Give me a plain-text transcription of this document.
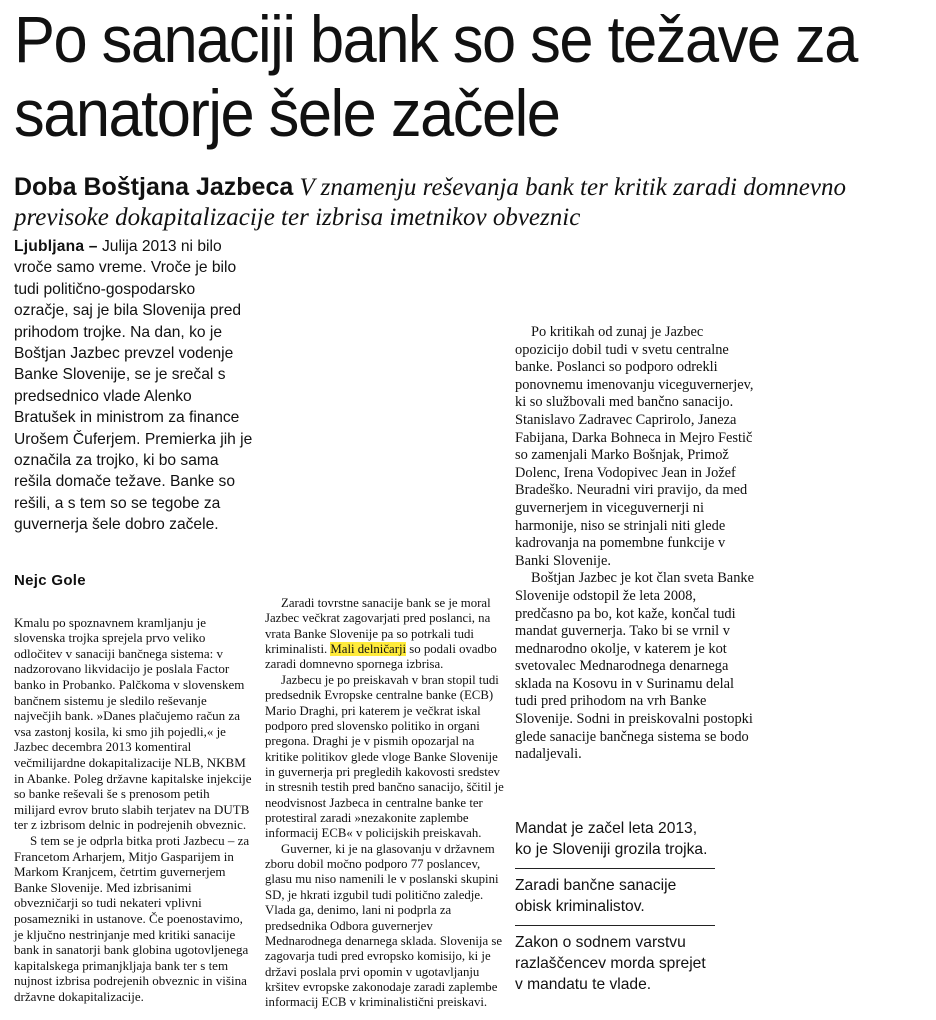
Po sanaciji bank so se težave za sanatorje šele začele
Doba Boštjana Jazbeca V znamenju reševanja bank ter kritik zaradi domnevno previsoke dokapitalizacije ter izbrisa imetnikov obveznic

Ljubljana – Julija 2013 ni bilo vroče samo vreme. Vroče je bilo tudi politično-gospodarsko ozračje, saj je bila Slovenija pred prihodom trojke. Na dan, ko je Boštjan Jazbec prevzel vodenje Banke Slovenije, se je srečal s predsednico vlade Alenko Bratušek in ministrom za finance Urošem Čuferjem. Premierka jih je označila za trojko, ki bo sama rešila domače težave. Banke so rešili, a s tem so se tegobe za guvernerja šele dobro začele.

Nejc Gole

Kmalu po spoznavnem kramljanju je slovenska trojka sprejela prvo veliko odločitev v sanaciji bančnega sistema: v nadzorovano likvidacijo je poslala Factor banko in Probanko. Palčkoma v slovenskem bančnem sistemu je sledilo reševanje največjih bank. »Danes plačujemo račun za vsa zastonj kosila, ki smo jih pojedli,« je Jazbec decembra 2013 komentiral večmilijardne dokapitalizacije NLB, NKBM in Abanke. Poleg državne kapitalske injekcije so banke reševali še s prenosom petih milijard evrov bruto slabih terjatev na DUTB ter z izbrisom delnic in podrejenih obveznic.

S tem se je odprla bitka proti Jazbecu – za Francetom Arharjem, Mitjo Gasparijem in Markom Kranjcem, četrtim guvernerjem Banke Slovenije. Med izbrisanimi obvezničarji so tudi nekateri vplivni posamezniki in ustanove. Če poenostavimo, je ključno nestrinjanje med kritiki sanacije bank in sanatorji bank globina ugotovljenega kapitalskega primanjkljaja bank ter s tem nujnost izbrisa podrejenih obveznic in višina državne dokapitalizacije.

Zaradi tovrstne sanacije bank se je moral Jazbec večkrat zagovarjati pred poslanci, na vrata Banke Slovenije pa so potrkali tudi kriminalisti. Mali delničarji so podali ovadbo zaradi domnevno spornega izbrisa.

Jazbecu je po preiskavah v bran stopil tudi predsednik Evropske centralne banke (ECB) Mario Draghi, pri katerem je večkrat iskal podporo pred slovensko politiko in organi pregona. Draghi je v pismih opozarjal na kritike politikov glede vloge Banke Slovenije in guvernerja pri pregledih kakovosti sredstev in stresnih testih pred bančno sanacijo, ščitil je neodvisnost Jazbeca in centralne banke ter protestiral zaradi »nezakonite zaplembe informacij ECB« v policijskih preiskavah.

Guverner, ki je na glasovanju v državnem zboru dobil močno podporo 77 poslancev, glasu mu niso namenili le v poslanski skupini SD, je hkrati izgubil tudi politično zaledje. Vlada ga, denimo, lani ni podprla za predsednika Odbora guvernerjev Mednarodnega denarnega sklada. Slovenija se zagovarja tudi pred evropsko komisijo, ki je državi poslala prvi opomin v ugotavljanju kršitev evropske zakonodaje zaradi zaplembe informacij ECB v kriminalistični preiskavi.

Po kritikah od zunaj je Jazbec opozicijo dobil tudi v svetu centralne banke. Poslanci so podporo odrekli ponovnemu imenovanju viceguvernerjev, ki so službovali med bančno sanacijo. Stanislavo Zadravec Caprirolo, Janeza Fabijana, Darka Bohneca in Mejro Festič so zamenjali Marko Bošnjak, Primož Dolenc, Irena Vodopivec Jean in Jožef Bradeško. Neuradni viri pravijo, da med guvernerjem in viceguvernerji ni harmonije, niso se strinjali niti glede kadrovanja na pomembne funkcije v Banki Slovenije.

Boštjan Jazbec je kot član sveta Banke Slovenije odstopil že leta 2008, predčasno pa bo, kot kaže, končal tudi mandat guvernerja. Tako bi se vrnil v mednarodno okolje, v katerem je kot svetovalec Mednarodnega denarnega sklada na Kosovu in v Surinamu delal tudi pred prihodom na vrh Banke Slovenije. Sodni in preiskovalni postopki glede sanacije bančnega sistema se bodo nadaljevali.

Mandat je začel leta 2013, ko je Sloveniji grozila trojka.

Zaradi bančne sanacije obisk kriminalistov.

Zakon o sodnem varstvu razlaščencev morda sprejet v mandatu te vlade.
